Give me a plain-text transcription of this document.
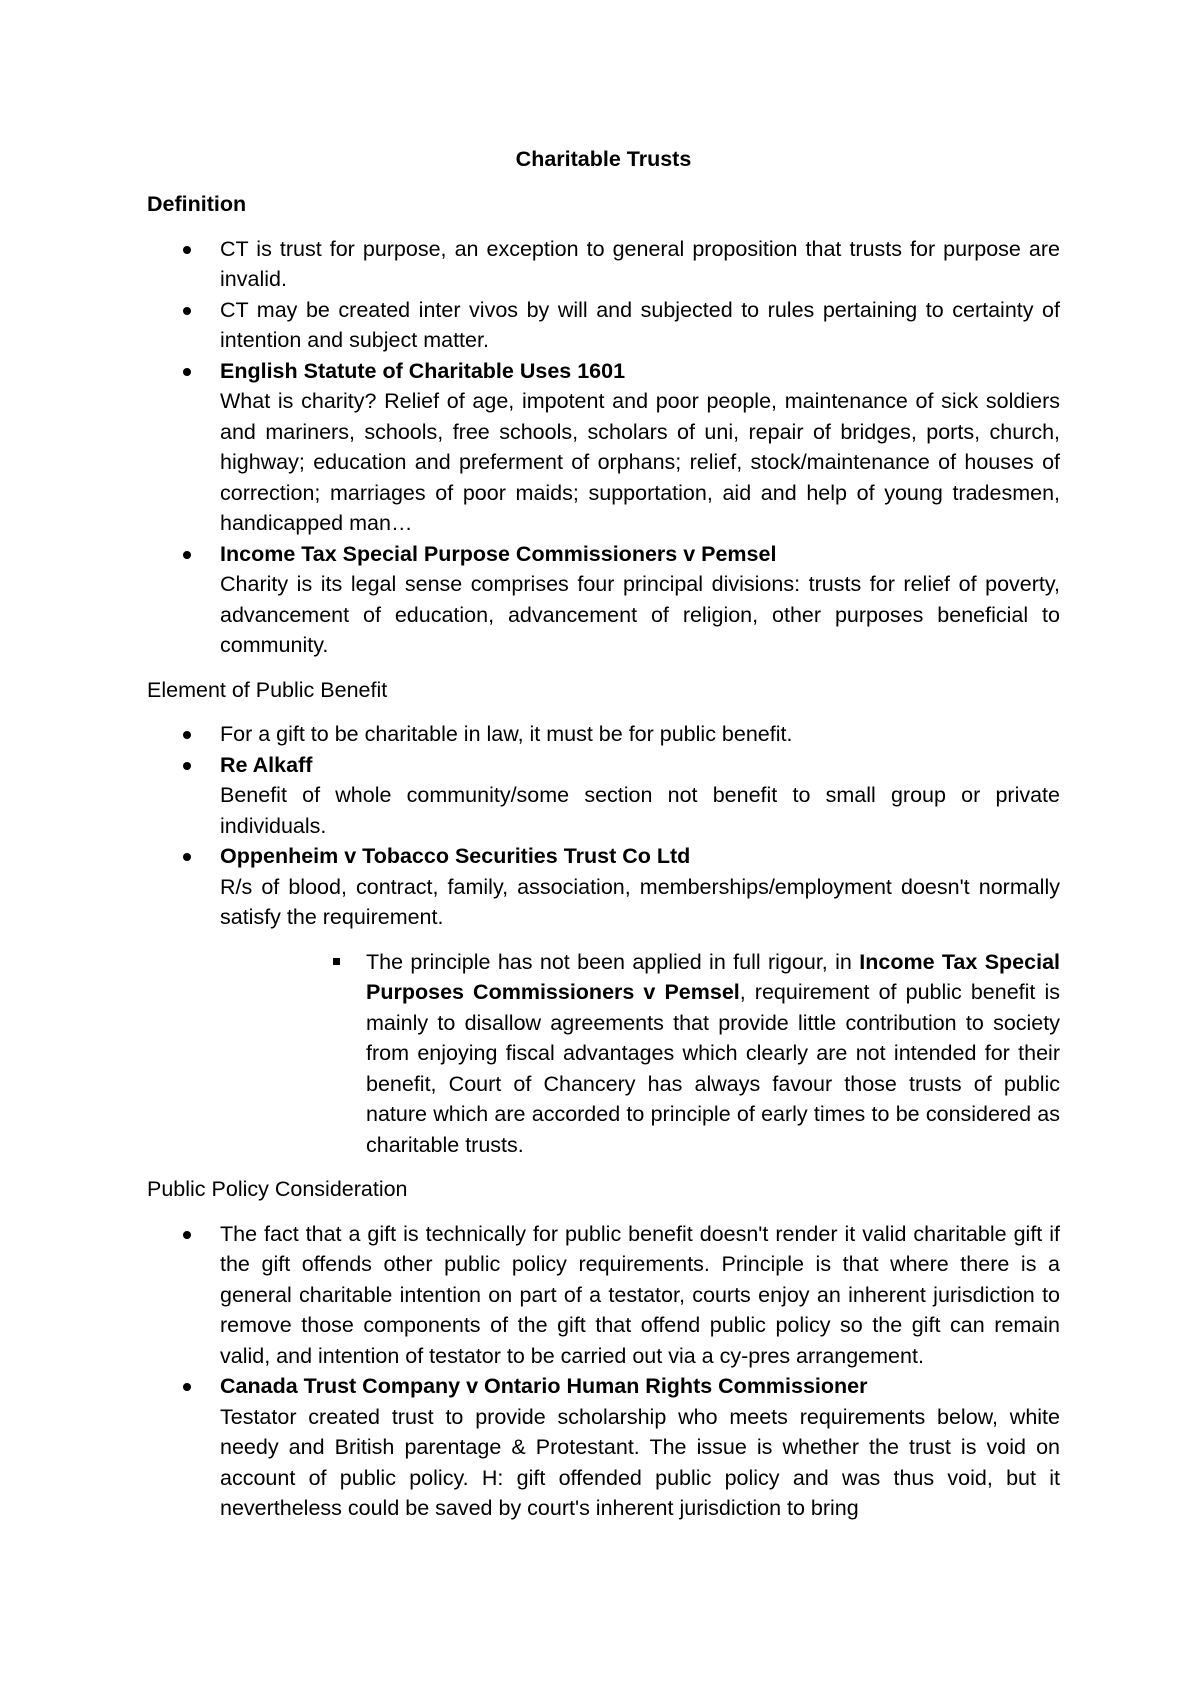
Charitable Trusts
Definition
CT is trust for purpose, an exception to general proposition that trusts for purpose are invalid.
CT may be created inter vivos by will and subjected to rules pertaining to certainty of intention and subject matter.
English Statute of Charitable Uses 1601
What is charity? Relief of age, impotent and poor people, maintenance of sick soldiers and mariners, schools, free schools, scholars of uni, repair of bridges, ports, church, highway; education and preferment of orphans; relief, stock/maintenance of houses of correction; marriages of poor maids; supportation, aid and help of young tradesmen, handicapped man…
Income Tax Special Purpose Commissioners v Pemsel
Charity is its legal sense comprises four principal divisions: trusts for relief of poverty, advancement of education, advancement of religion, other purposes beneficial to community.
Element of Public Benefit
For a gift to be charitable in law, it must be for public benefit.
Re Alkaff
Benefit of whole community/some section not benefit to small group or private individuals.
Oppenheim v Tobacco Securities Trust Co Ltd
R/s of blood, contract, family, association, memberships/employment doesn't normally satisfy the requirement.
The principle has not been applied in full rigour, in Income Tax Special Purposes Commissioners v Pemsel, requirement of public benefit is mainly to disallow agreements that provide little contribution to society from enjoying fiscal advantages which clearly are not intended for their benefit, Court of Chancery has always favour those trusts of public nature which are accorded to principle of early times to be considered as charitable trusts.
Public Policy Consideration
The fact that a gift is technically for public benefit doesn't render it valid charitable gift if the gift offends other public policy requirements. Principle is that where there is a general charitable intention on part of a testator, courts enjoy an inherent jurisdiction to remove those components of the gift that offend public policy so the gift can remain valid, and intention of testator to be carried out via a cy-pres arrangement.
Canada Trust Company v Ontario Human Rights Commissioner
Testator created trust to provide scholarship who meets requirements below, white needy and British parentage & Protestant. The issue is whether the trust is void on account of public policy. H: gift offended public policy and was thus void, but it nevertheless could be saved by court's inherent jurisdiction to bring
